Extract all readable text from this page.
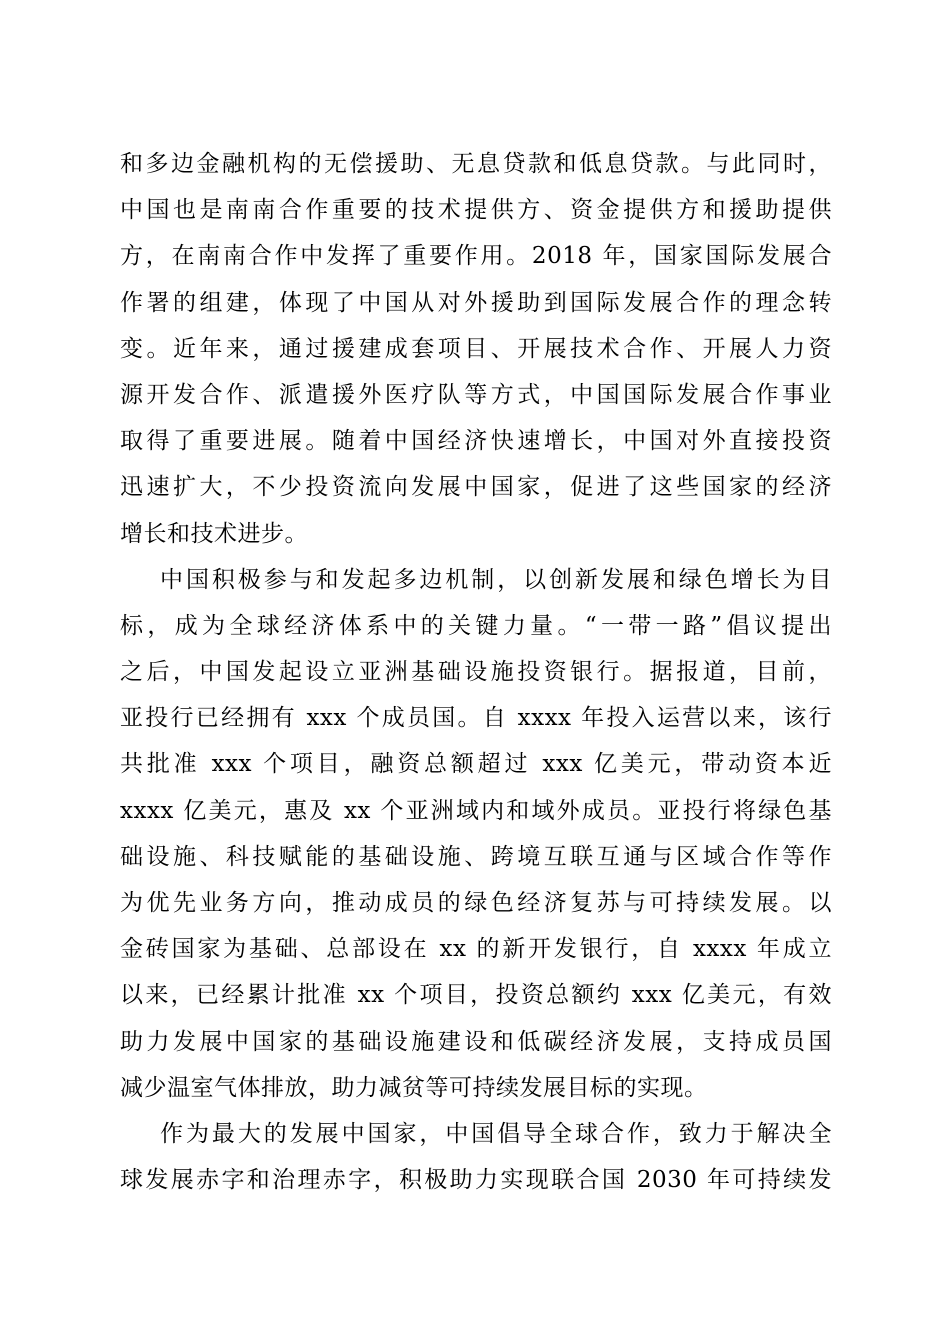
和多边金融机构的无偿援助、无息贷款和低息贷款。与此同时，
中国也是南南合作重要的技术提供方、资金提供方和援助提供
方，在南南合作中发挥了重要作用。2018 年，国家国际发展合
作署的组建，体现了中国从对外援助到国际发展合作的理念转
变。近年来，通过援建成套项目、开展技术合作、开展人力资
源开发合作、派遣援外医疗队等方式，中国国际发展合作事业
取得了重要进展。随着中国经济快速增长，中国对外直接投资
迅速扩大，不少投资流向发展中国家，促进了这些国家的经济
增长和技术进步。
中国积极参与和发起多边机制，以创新发展和绿色增长为目
标，成为全球经济体系中的关键力量。“一带一路”倡议提出
之后，中国发起设立亚洲基础设施投资银行。据报道，目前，
亚投行已经拥有 xxx 个成员国。自 xxxx 年投入运营以来，该行
共批准 xxx 个项目，融资总额超过 xxx 亿美元，带动资本近
xxxx 亿美元，惠及 xx 个亚洲域内和域外成员。亚投行将绿色基
础设施、科技赋能的基础设施、跨境互联互通与区域合作等作
为优先业务方向，推动成员的绿色经济复苏与可持续发展。以
金砖国家为基础、总部设在 xx 的新开发银行，自 xxxx 年成立
以来，已经累计批准 xx 个项目，投资总额约 xxx 亿美元，有效
助力发展中国家的基础设施建设和低碳经济发展，支持成员国
减少温室气体排放，助力减贫等可持续发展目标的实现。
作为最大的发展中国家，中国倡导全球合作，致力于解决全
球发展赤字和治理赤字，积极助力实现联合国 2030 年可持续发
